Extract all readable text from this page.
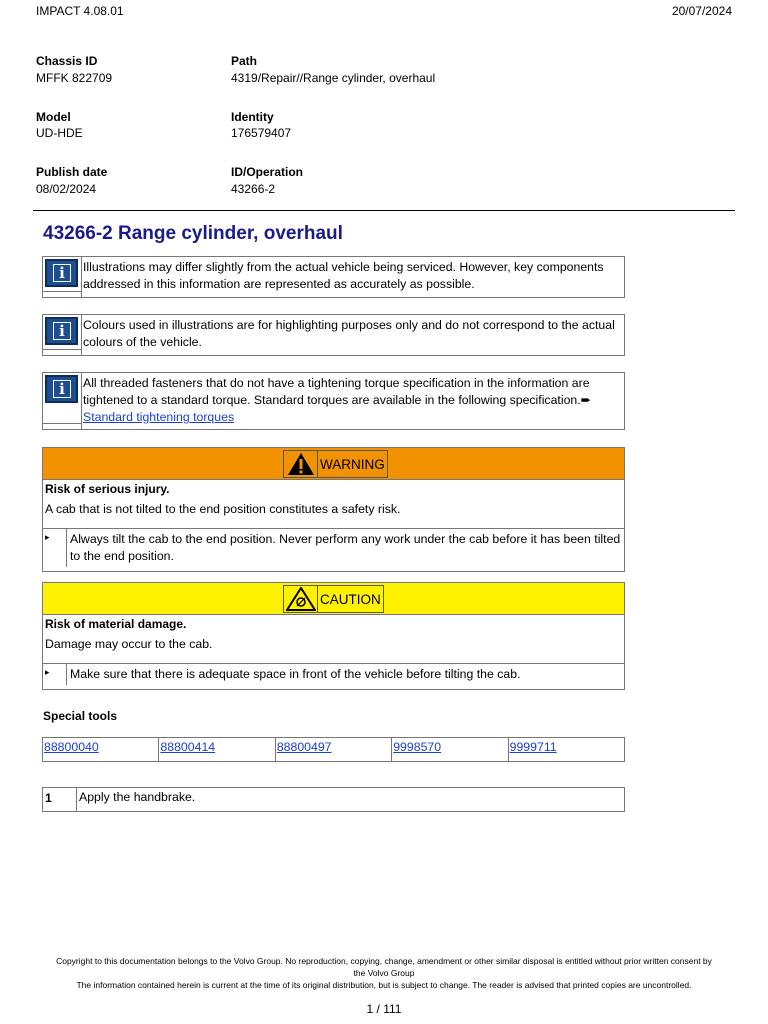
IMPACT 4.08.01	20/07/2024
Chassis ID
MFFK 822709
Path
4319/Repair//Range cylinder, overhaul
Model
UD-HDE
Identity
176579407
Publish date
08/02/2024
ID/Operation
43266-2
43266-2 Range cylinder, overhaul
i	Illustrations may differ slightly from the actual vehicle being serviced. However, key components addressed in this information are represented as accurately as possible.
i	Colours used in illustrations are for highlighting purposes only and do not correspond to the actual colours of the vehicle.
i	All threaded fasteners that do not have a tightening torque specification in the information are tightened to a standard torque. Standard torques are available in the following specification.➨
Standard tightening torques
WARNING
Risk of serious injury.
A cab that is not tilted to the end position constitutes a safety risk.
▸	Always tilt the cab to the end position. Never perform any work under the cab before it has been tilted to the end position.
CAUTION
Risk of material damage.
Damage may occur to the cab.
▸	Make sure that there is adequate space in front of the vehicle before tilting the cab.
Special tools
88800040	88800414	88800497	9998570	9999711
1	Apply the handbrake.
Copyright to this documentation belongs to the Volvo Group. No reproduction, copying, change, amendment or other similar disposal is entitled without prior written consent by
the Volvo Group
The information contained herein is current at the time of its original distribution, but is subject to change. The reader is advised that printed copies are uncontrolled.
1 / 111
